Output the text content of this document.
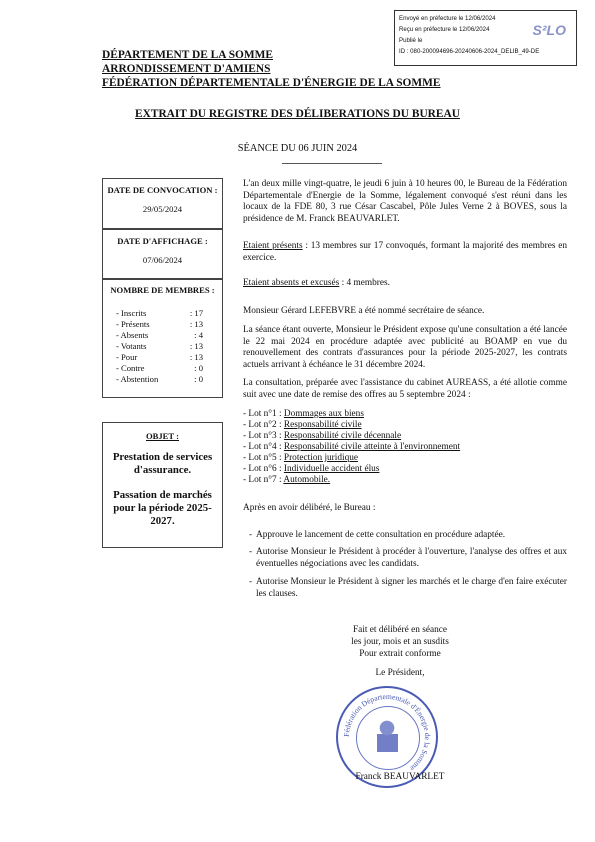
Envoyé en préfecture le 12/06/2024
Reçu en préfecture le 12/06/2024
Publié le
ID : 080-200094696-20240606-2024_DELIB_49-DE
S²LO
DÉPARTEMENT DE LA SOMME
ARRONDISSEMENT D'AMIENS
FÉDÉRATION DÉPARTEMENTALE D'ÉNERGIE DE LA SOMME
EXTRAIT DU REGISTRE DES DÉLIBERATIONS DU BUREAU
SÉANCE DU 06 JUIN 2024
DATE DE CONVOCATION :
29/05/2024
DATE D'AFFICHAGE :
07/06/2024
NOMBRE DE MEMBRES :
- Inscrits	: 17
- Présents	: 13
- Absents	: 4
- Votants	: 13
- Pour	: 13
- Contre	: 0
- Abstention	: 0
OBJET :
Prestation de services
d'assurance.
Passation de marchés
pour la période 2025-
2027.
L'an deux mille vingt-quatre, le jeudi 6 juin à 10 heures 00, le Bureau de la Fédération Départementale d'Energie de la Somme, légalement convoqué s'est réuni dans les locaux de la FDE 80, 3 rue César Cascabel, Pôle Jules Verne 2 à BOVES, sous la présidence de M. Franck BEAUVARLET.
Etaient présents : 13 membres sur 17 convoqués, formant la majorité des membres en exercice.
Etaient absents et excusés : 4 membres.
Monsieur Gérard LEFEBVRE a été nommé secrétaire de séance.
La séance étant ouverte, Monsieur le Président expose qu'une consultation a été lancée le 22 mai 2024 en procédure adaptée avec publicité au BOAMP en vue du renouvellement des contrats d'assurances pour la période 2025-2027, les contrats actuels arrivant à échéance le 31 décembre 2024.
La consultation, préparée avec l'assistance du cabinet AUREASS, a été allotie comme suit avec une date de remise des offres au 5 septembre 2024 :
- Lot n°1 : Dommages aux biens
- Lot n°2 : Responsabilité civile
- Lot n°3 : Responsabilité civile décennale
- Lot n°4 : Responsabilité civile atteinte à l'environnement
- Lot n°5 : Protection juridique
- Lot n°6 : Individuelle accident élus
- Lot n°7 : Automobile.
Après en avoir délibéré, le Bureau :
- Approuve le lancement de cette consultation en procédure adaptée.
- Autorise Monsieur le Président à procéder à l'ouverture, l'analyse des offres et aux éventuelles négociations avec les candidats.
- Autorise Monsieur le Président à signer les marchés et le charge d'en faire exécuter les clauses.
Fait et délibéré en séance
les jour, mois et an susdits
Pour extrait conforme
Le Président,
Fédération Départementale d'Énergie de la Somme
Franck BEAUVARLET
